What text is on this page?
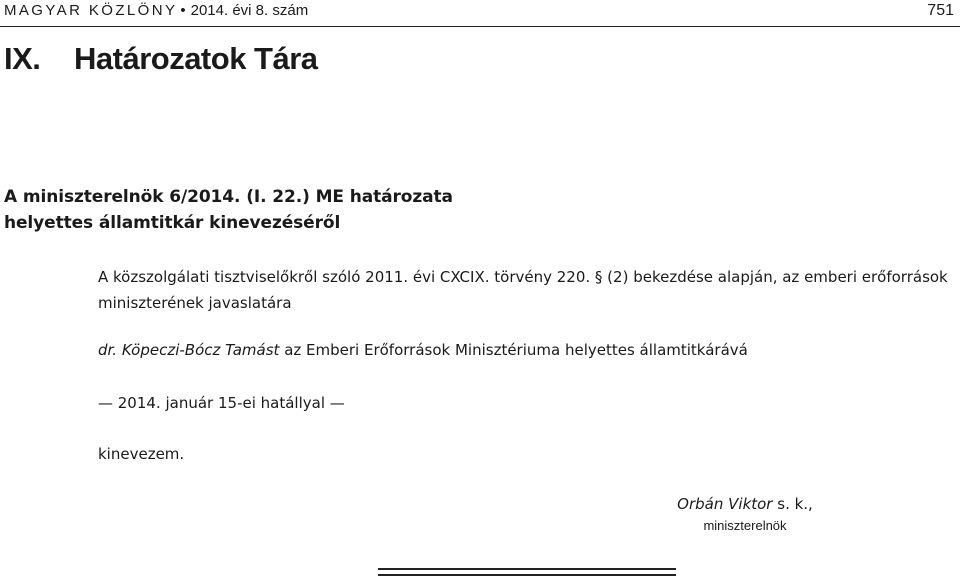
MAGYAR KÖZLÖNY • 2014. évi 8. szám	751
IX. Határozatok Tára
A miniszterelnök 6/2014. (I. 22.) ME határozata
helyettes államtitkár kinevezéséről
A közszolgálati tisztviselőkről szóló 2011. évi CXCIX. törvény 220. § (2) bekezdése alapján, az emberi erőforrások
miniszterének javaslatára
dr. Köpeczi-Bócz Tamást az Emberi Erőforrások Minisztériuma helyettes államtitkárává
— 2014. január 15-ei hatállyal —
kinevezem.
Orbán Viktor s. k.,
miniszterelnök
